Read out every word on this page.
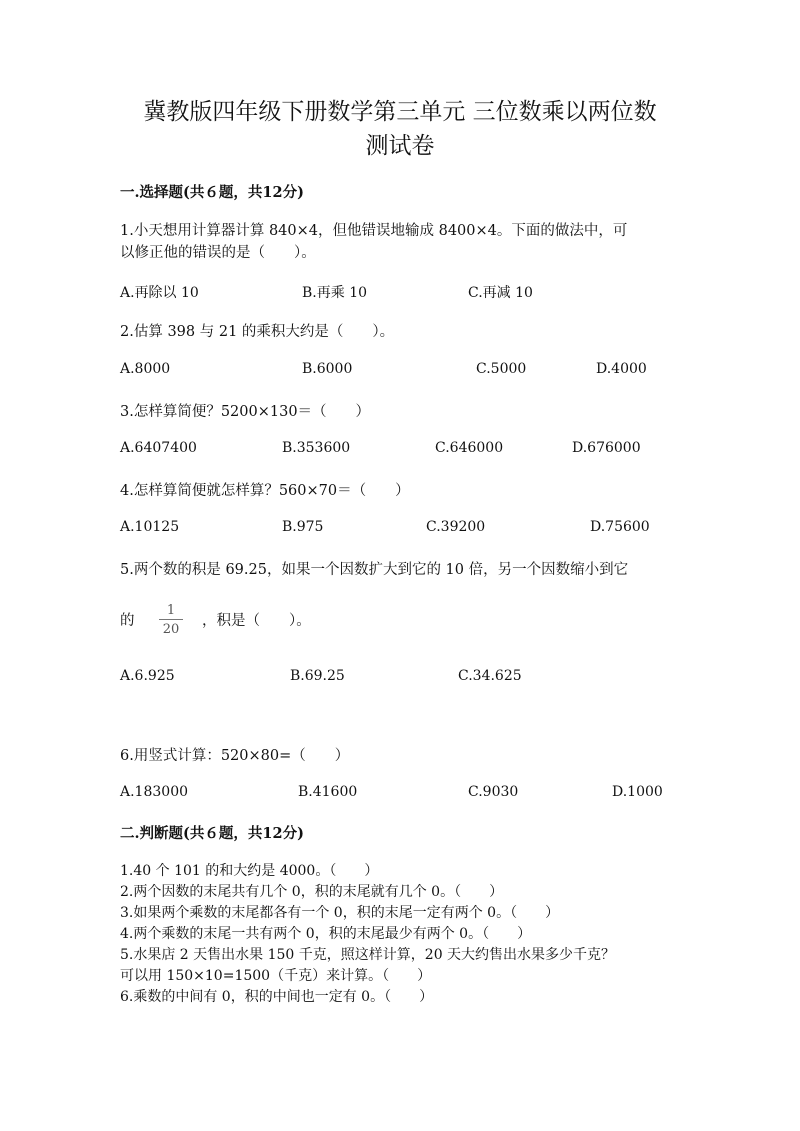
冀教版四年级下册数学第三单元 三位数乘以两位数
测试卷
一.选择题(共６题，共12分)
1.小天想用计算器计算 840×4，但他错误地输成 8400×4。下面的做法中，可
以修正他的错误的是（　　）。
A.再除以 10	B.再乘 10	C.再减 10
2.估算 398 与 21 的乘积大约是（　　）。
A.8000	B.6000	C.5000	D.4000
3.怎样算简便？5200×130＝（　　）
A.6407400	B.353600	C.646000	D.676000
4.怎样算简便就怎样算？560×70＝（　　）
A.10125	B.975	C.39200	D.75600
5.两个数的积是 69.25，如果一个因数扩大到它的 10 倍，另一个因数缩小到它
的
1
20
，积是（　　）。
A.6.925	B.69.25	C.34.625
6.用竖式计算：520×80=（　　）
A.183000	B.41600	C.9030	D.1000
二.判断题(共６题，共12分)
1.40 个 101 的和大约是 4000。（　　）
2.两个因数的末尾共有几个 0，积的末尾就有几个 0。（　　）
3.如果两个乘数的末尾都各有一个 0，积的末尾一定有两个 0。（　　）
4.两个乘数的末尾一共有两个 0，积的末尾最少有两个 0。（　　）
5.水果店 2 天售出水果 150 千克，照这样计算，20 天大约售出水果多少千克？
可以用 150×10=1500（千克）来计算。（　　）
6.乘数的中间有 0，积的中间也一定有 0。（　　）
